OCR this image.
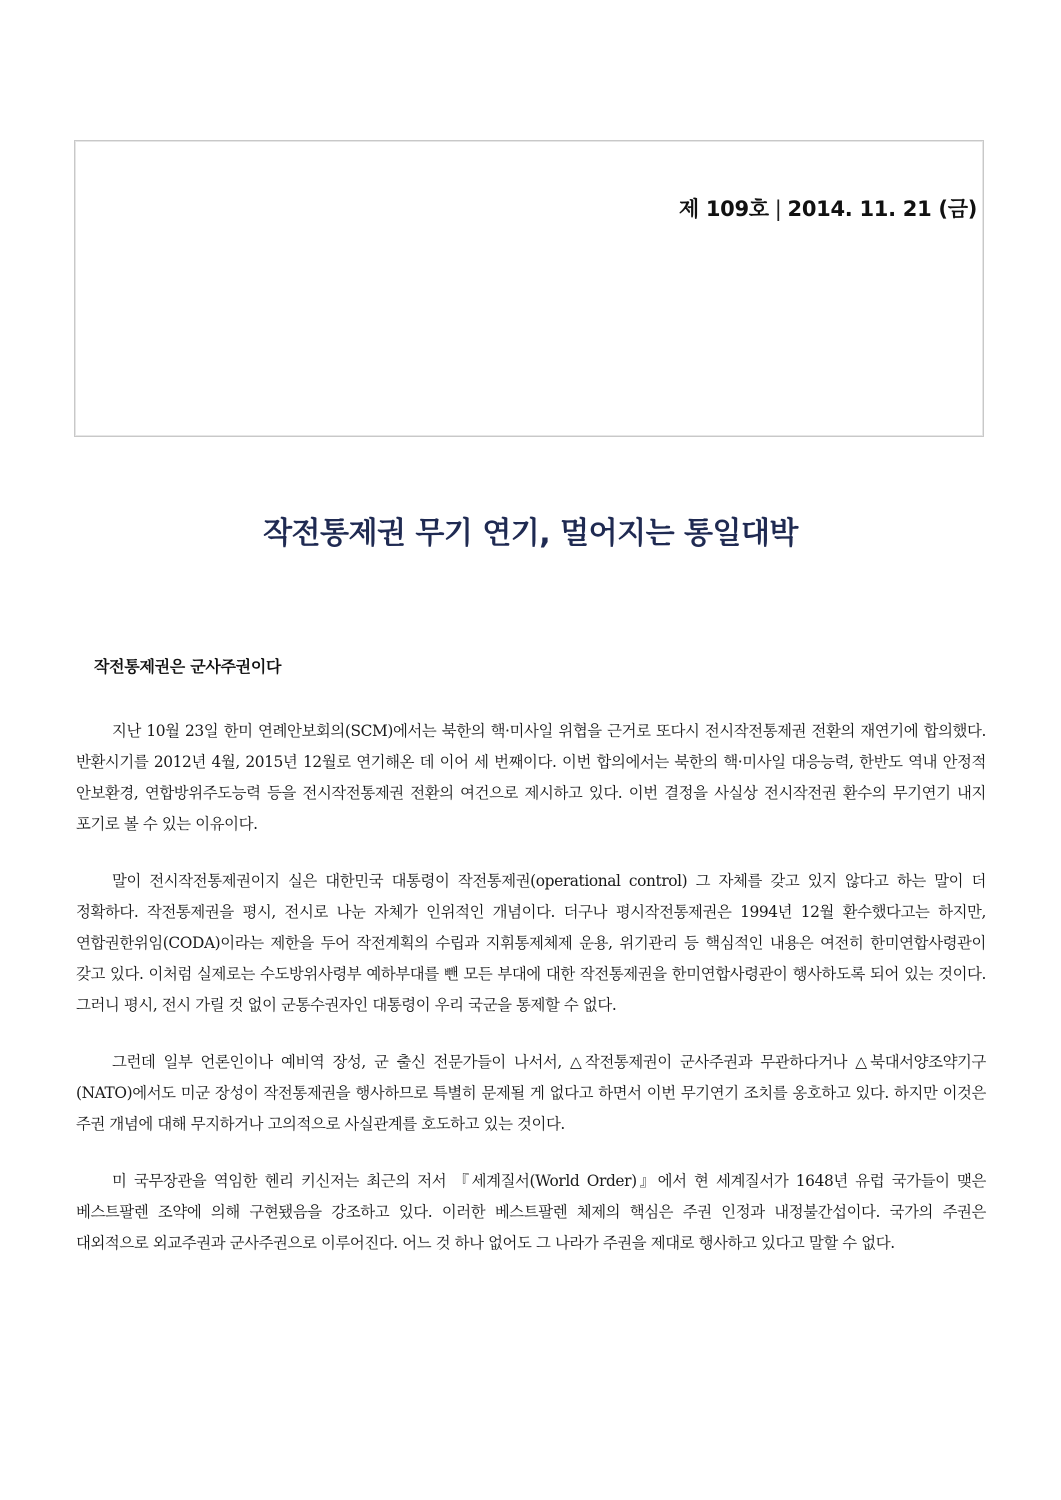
제 109호 | 2014. 11. 21 (금)
작전통제권 무기 연기, 멀어지는 통일대박
작전통제권은 군사주권이다

지난 10월 23일 한미 연례안보회의(SCM)에서는 북한의 핵·미사일 위협을 근거로 또다시 전시작전통제권 전환의 재연기에 합의했다. 반환시기를 2012년 4월, 2015년 12월로 연기해온 데 이어 세 번째이다. 이번 합의에서는 북한의 핵·미사일 대응능력, 한반도 역내 안정적 안보환경, 연합방위주도능력 등을 전시작전통제권 전환의 여건으로 제시하고 있다. 이번 결정을 사실상 전시작전권 환수의 무기연기 내지 포기로 볼 수 있는 이유이다.

말이 전시작전통제권이지 실은 대한민국 대통령이 작전통제권(operational control) 그 자체를 갖고 있지 않다고 하는 말이 더 정확하다. 작전통제권을 평시, 전시로 나눈 자체가 인위적인 개념이다. 더구나 평시작전통제권은 1994년 12월 환수했다고는 하지만, 연합권한위임(CODA)이라는 제한을 두어 작전계획의 수립과 지휘통제체제 운용, 위기관리 등 핵심적인 내용은 여전히 한미연합사령관이 갖고 있다. 이처럼 실제로는 수도방위사령부 예하부대를 뺀 모든 부대에 대한 작전통제권을 한미연합사령관이 행사하도록 되어 있는 것이다. 그러니 평시, 전시 가릴 것 없이 군통수권자인 대통령이 우리 국군을 통제할 수 없다.

그런데 일부 언론인이나 예비역 장성, 군 출신 전문가들이 나서서, △작전통제권이 군사주권과 무관하다거나 △북대서양조약기구(NATO)에서도 미군 장성이 작전통제권을 행사하므로 특별히 문제될 게 없다고 하면서 이번 무기연기 조치를 옹호하고 있다. 하지만 이것은 주권 개념에 대해 무지하거나 고의적으로 사실관계를 호도하고 있는 것이다.

미 국무장관을 역임한 헨리 키신저는 최근의 저서 『세계질서(World Order)』에서 현 세계질서가 1648년 유럽 국가들이 맺은 베스트팔렌 조약에 의해 구현됐음을 강조하고 있다. 이러한 베스트팔렌 체제의 핵심은 주권 인정과 내정불간섭이다. 국가의 주권은 대외적으로 외교주권과 군사주권으로 이루어진다. 어느 것 하나 없어도 그 나라가 주권을 제대로 행사하고 있다고 말할 수 없다.
